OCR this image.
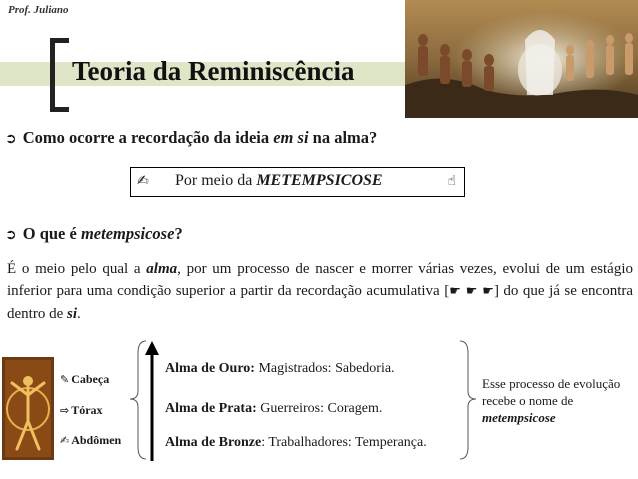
Prof. Juliano
Teoria da Reminiscência
➲ Como ocorre a recordação da ideia em si na alma?
✍ Por meio da METEMPSICOSE	☝
➲ O que é metempsicose?
É o meio pelo qual a alma, por um processo de nascer e morrer várias vezes, evolui de um estágio inferior para uma condição superior a partir da recordação acumulativa [☛ ☛ ☛] do que já se encontra dentro de si.
✎ Cabeça
⇨ Tórax
✍ Abdômen
Alma de Ouro: Magistrados: Sabedoria.
Alma de Prata: Guerreiros: Coragem.
Alma de Bronze: Trabalhadores: Temperança.
Esse processo de evolução recebe o nome de metempsicose
